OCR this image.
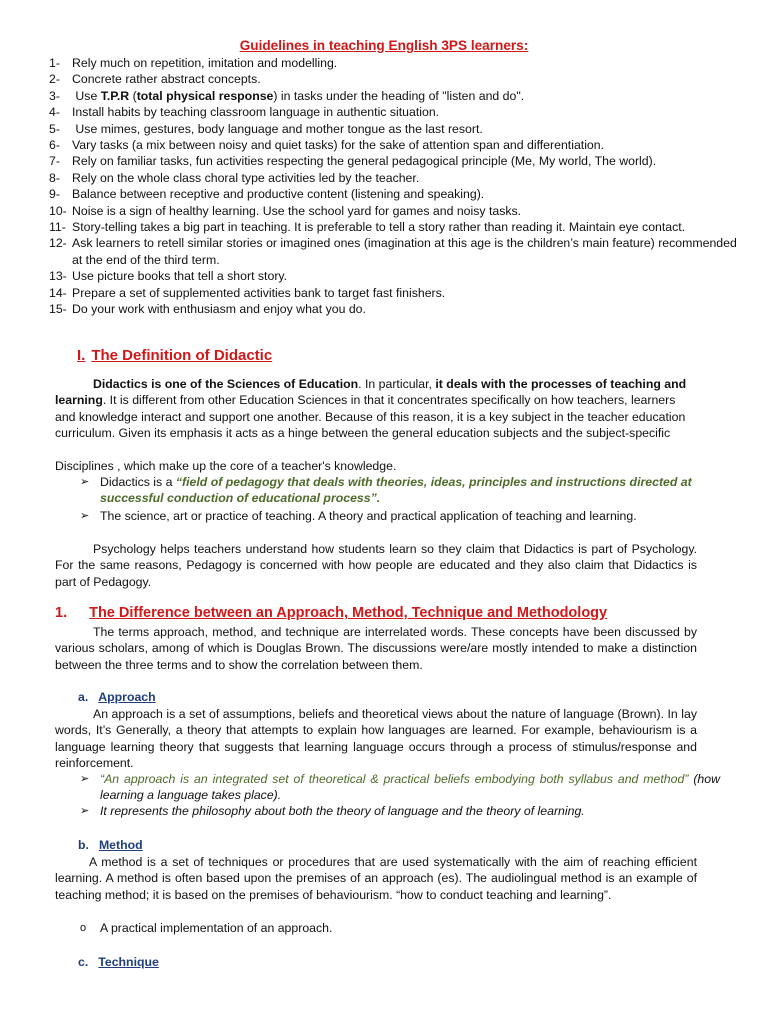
Guidelines in teaching English 3PS learners:
1- Rely much on repetition, imitation and modelling.
2- Concrete rather abstract concepts.
3- Use T.P.R (total physical response) in tasks under the heading of "listen and do".
4- Install habits by teaching classroom language in authentic situation.
5- Use mimes, gestures, body language and mother tongue as the last resort.
6- Vary tasks (a mix between noisy and quiet tasks) for the sake of attention span and differentiation.
7- Rely on familiar tasks, fun activities respecting the general pedagogical principle (Me, My world, The world).
8- Rely on the whole class choral type activities led by the teacher.
9- Balance between receptive and productive content (listening and speaking).
10- Noise is a sign of healthy learning. Use the school yard for games and noisy tasks.
11- Story-telling takes a big part in teaching. It is preferable to tell a story rather than reading it. Maintain eye contact.
12- Ask learners to retell similar stories or imagined ones (imagination at this age is the children’s main feature) recommended at the end of the third term.
13- Use picture books that tell a short story.
14- Prepare a set of supplemented activities bank to target fast finishers.
15- Do your work with enthusiasm and enjoy what you do.
I. The Definition of Didactic

Didactics is one of the Sciences of Education. In particular, it deals with the processes of teaching and learning. It is different from other Education Sciences in that it concentrates specifically on how teachers, learners and knowledge interact and support one another. Because of this reason, it is a key subject in the teacher education curriculum. Given its emphasis it acts as a hinge between the general education subjects and the subject-specific

Disciplines , which make up the core of a teacher's knowledge.

➢ Didactics is a “field of pedagogy that deals with theories, ideas, principles and instructions directed at successful conduction of educational process”.

➢ The science, art or practice of teaching. A theory and practical application of teaching and learning.

Psychology helps teachers understand how students learn so they claim that Didactics is part of Psychology. For the same reasons, Pedagogy is concerned with how people are educated and they also claim that Didactics is part of Pedagogy.

1. The Difference between an Approach, Method, Technique and Methodology

The terms approach, method, and technique are interrelated words. These concepts have been discussed by various scholars, among of which is Douglas Brown. The discussions were/are mostly intended to make a distinction between the three terms and to show the correlation between them.

a. Approach

An approach is a set of assumptions, beliefs and theoretical views about the nature of language (Brown). In lay words, It’s Generally, a theory that attempts to explain how languages are learned. For example, behaviourism is a language learning theory that suggests that learning language occurs through a process of stimulus/response and reinforcement.

➢ “An approach is an integrated set of theoretical & practical beliefs embodying both syllabus and method” (how learning a language takes place).

➢ It represents the philosophy about both the theory of language and the theory of learning.

b. Method

A method is a set of techniques or procedures that are used systematically with the aim of reaching efficient learning. A method is often based upon the premises of an approach (es). The audiolingual method is an example of teaching method; it is based on the premises of behaviourism. “how to conduct teaching and learning”.

o A practical implementation of an approach.

c. Technique
